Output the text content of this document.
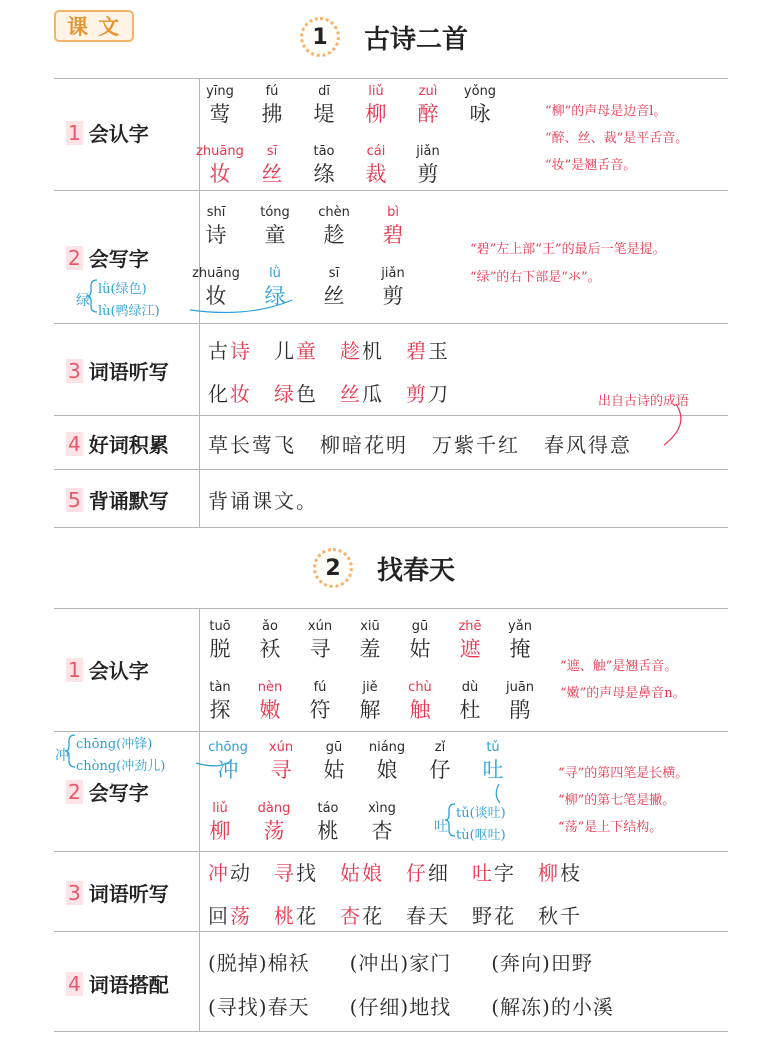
课文	1 古诗二首
1 会认字
2 会写字
3 词语听写
4 好词积累
5 背诵默写
yīng
莺
fú
拂
dī
堤
liǔ
柳
zuì
醉
yǒng
咏
zhuāng
妆
sī
丝
tāo
绦
cái
裁
jiǎn
剪
shī
诗
tóng
童
chèn
趁
bì
碧
zhuāng
妆
lǜ
绿
sī
丝
jiǎn
剪
“柳”的声母是边音l。
“醉、丝、裁”是平舌音。
“妆”是翘舌音。
“碧”左上部“王”的最后一笔是提。
“绿”的右下部是“氺”。
绿
lǜ(绿色)
lù(鸭绿江)
古诗 儿童 趁机 碧玉
化妆 绿色 丝瓜 剪刀	出自古诗的成语
草长莺飞 柳暗花明 万紫千红 春风得意
背诵课文。
2 找春天
1 会认字
2 会写字
3 词语听写
4 词语搭配
tuō
脱
ǎo
袄
xún
寻
xiū
羞
gū
姑
zhē
遮
yǎn
掩
tàn
探
nèn
嫩
fú
符
jiě
解
chù
触
dù
杜
juān
鹃
chōng
冲
xún
寻
gū
姑
niáng
娘
zǐ
仔
tǔ
吐
liǔ
柳
dàng
荡
táo
桃
xìng
杏
“遮、触”是翘舌音。
“嫩”的声母是鼻音n。
“寻”的第四笔是长横。
“柳”的第七笔是撇。
“荡”是上下结构。
冲
chōng(冲锋)
chòng(冲劲儿)
吐
tǔ(谈吐)
tù(呕吐)
冲动 寻找 姑娘 仔细 吐字 柳枝
回荡 桃花 杏花 春天 野花 秋千
(脱掉)棉袄 (冲出)家门 (奔向)田野
(寻找)春天 (仔细)地找 (解冻)的小溪
